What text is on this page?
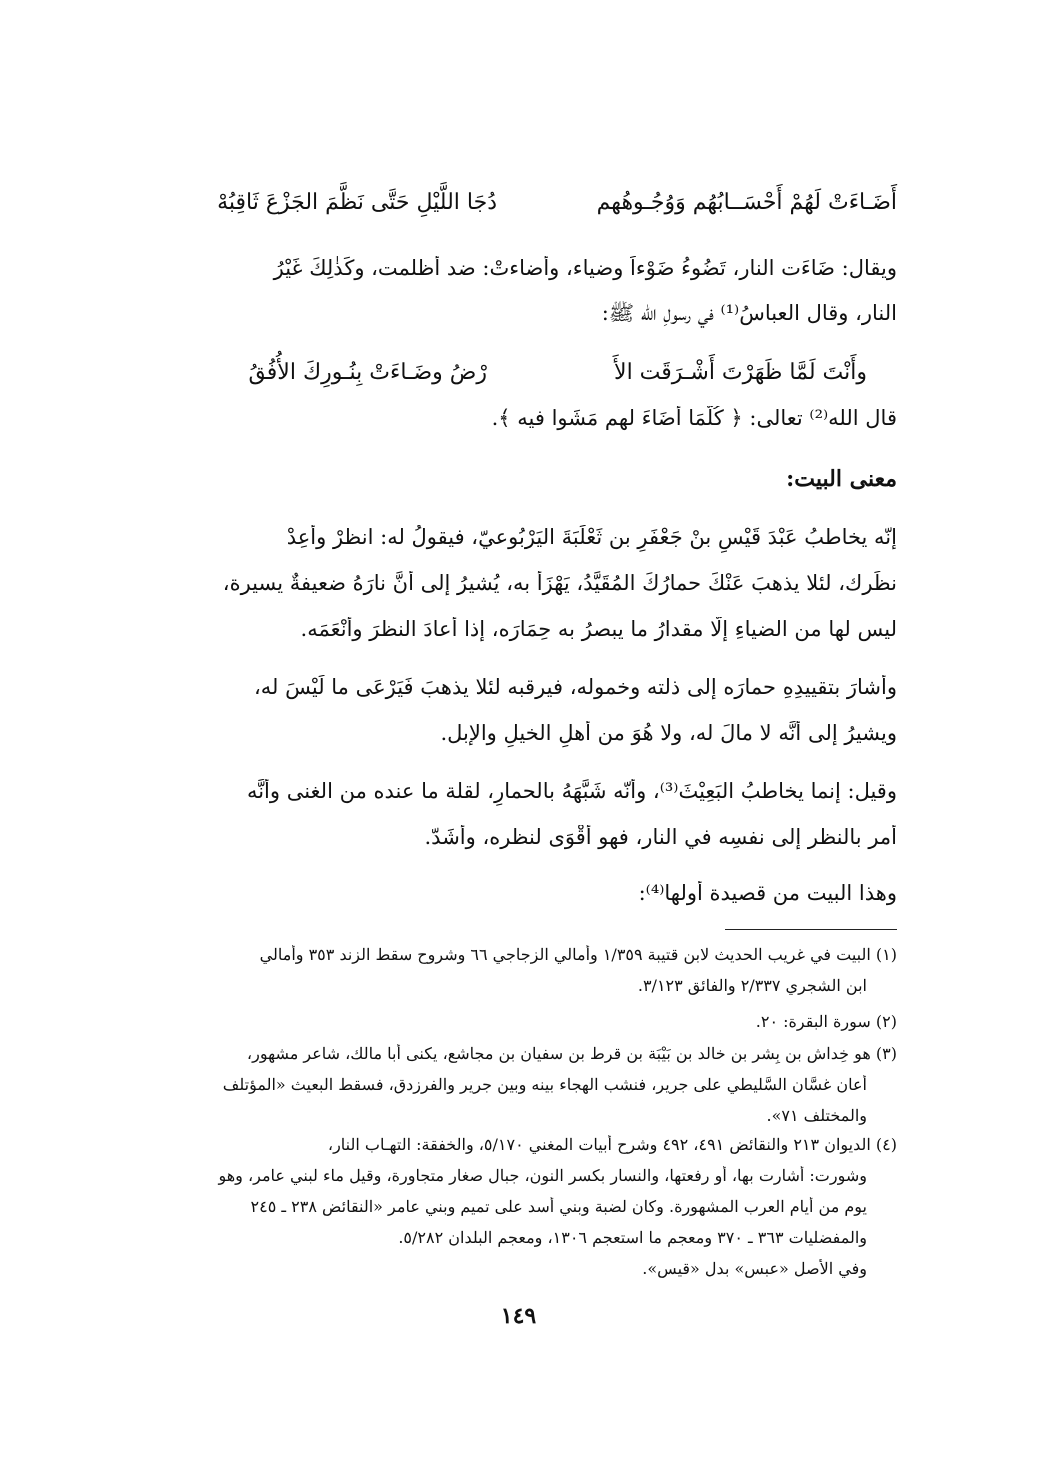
أَضَـاءَتْ لَهُمْ أَحْسَــابُهُم وَوُجُـوهُهم
دُجَا اللَّيْلِ حَتَّى نَظَّمَ الجَزْعَ ثَاقِبُهْ
ويقال: ضَاءَت النار، تَضُوءُ ضَوْءاً وضياء، وأضاءتْ: ضد أظلمت، وكَذٰلِكَ غَيْرُ
النار، وقال العباسُ⁽¹⁾ في رسولِ الله ﷺ:
وأَنْتَ لَمَّا ظَهَرْتَ أَشْـرَقَت الأَ
رْضُ وضَـاءَتْ بِنُـورِكَ الأُفُقُ
قال الله⁽²⁾ تعالى: ﴿ كُلَّمَا أَضَاءَ لهم مَشَوا فيه ﴾.
معنى البيت:
إنّه يخاطبُ عَبْدَ قَيْسِ بنْ جَعْفَرِ بن ثَعْلَبَةَ اليَرْبُوعيّ، فيقولُ له: انظرْ وأَعِدْ
نظَرك، لئلا يذهبَ عَنْكَ حمارُكَ المُقَيَّدُ، يَهْزَأُ به، يُشيرُ إلى أنَّ نارَهُ ضعيفةٌ يسيرة،
ليس لها من الضياءِ إلّا مقدارُ ما يبصرُ به حِمَارَه، إذا أعادَ النظرَ وأَنْعَمَه.
وأشارَ بتقييدِهِ حمارَه إلى ذلته وخموله، فيرقبه لئلا يذهبَ فَيَرْعَى ما لَيْسَ له،
ويشيرُ إلى أنَّه لا مالَ له، ولا هُوَ من أهلِ الخيلِ والإبل.
وقيل: إنما يخاطبُ البَعِيْثَ⁽³⁾، وأنّه شَبَّهَهُ بالحمارِ، لقلة ما عنده من الغنى وأنَّه
أمر بالنظر إلى نفسِه في النار، فهو أَقْوَى لنظره، وأَشَدّ.
وهذا البيت من قصيدة أولها⁽⁴⁾:
(١) البيت في غريب الحديث لابن قتيبة ١/٣٥٩ وأمالي الزجاجي ٦٦ وشروح سقط الزند ٣٥٣ وأمالي
ابن الشجري ٢/٣٣٧ والفائق ٣/١٢٣.
(٢) سورة البقرة: ٢٠.
(٣) هو خِداش بن بِشر بن خالد بن بَيْبَة بن قرط بن سفيان بن مجاشع، يكنى أبا مالك، شاعر مشهور،
أعان غسَّان السَّليطي على جرير، فنشب الهجاء بينه وبين جرير والفرزدق، فسقط البعيث «المؤتلف
والمختلف ٧١».
(٤) الديوان ٢١٣ والنقائض ٤٩١، ٤٩٢ وشرح أبيات المغني ٥/١٧٠، والخفقة: التهـاب النار،
وشورت: أشارت بها، أو رفعتها، والنسار بكسر النون، جبال صغار متجاورة، وقيل ماء لبني عامر، وهو
يوم من أيام العرب المشهورة. وكان لضبة وبني أسد على تميم وبني عامر «النقائض ٢٣٨ ـ ٢٤٥
والمفضليات ٣٦٣ ـ ٣٧٠ ومعجم ما استعجم ١٣٠٦، ومعجم البلدان ٥/٢٨٢.
وفي الأصل «عبس» بدل «قيس».
١٤٩
